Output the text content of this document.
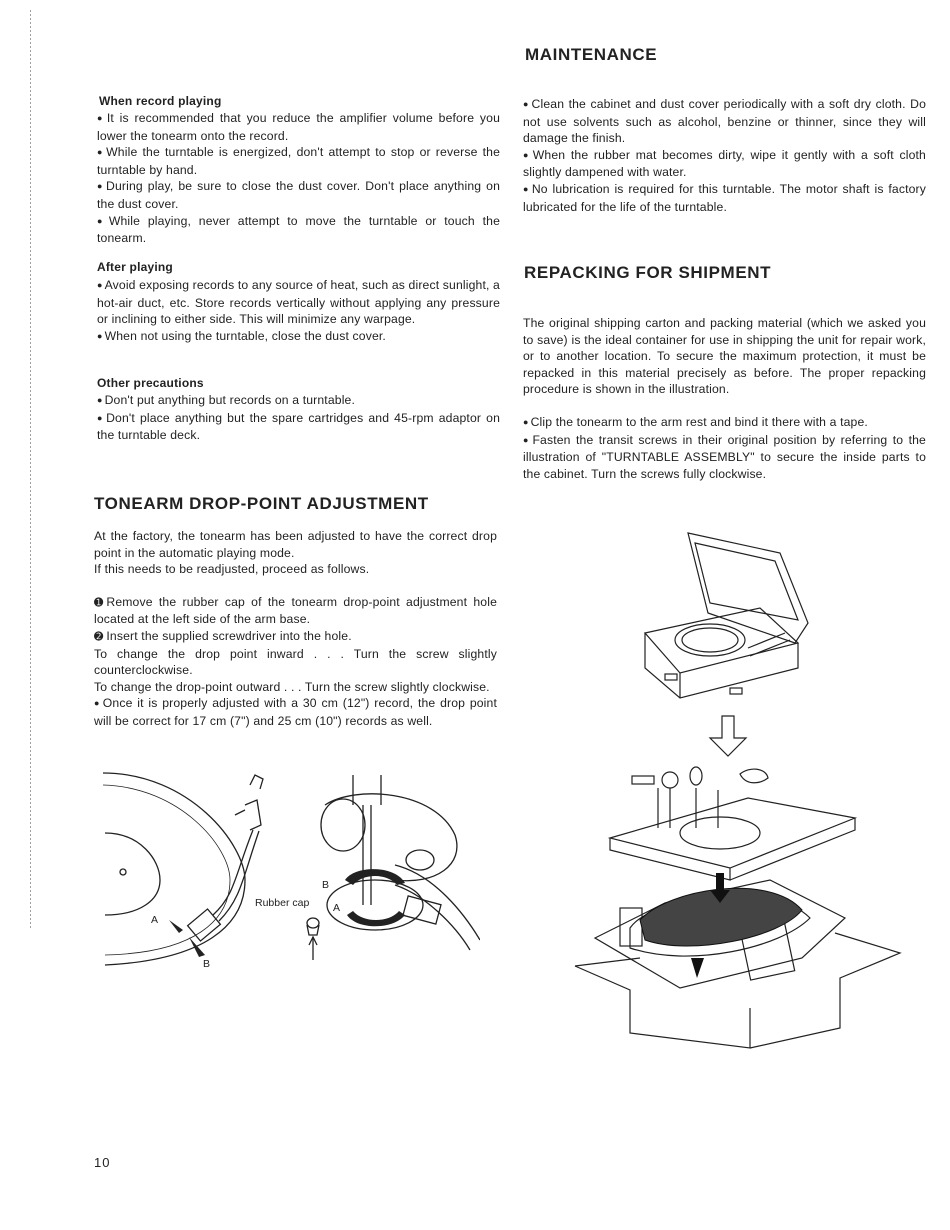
When record playing
● It is recommended that you reduce the amplifier volume before you lower the tonearm onto the record.
● While the turntable is energized, don't attempt to stop or reverse the turntable by hand.
● During play, be sure to close the dust cover. Don't place anything on the dust cover.
● While playing, never attempt to move the turntable or touch the tonearm.
After playing
● Avoid exposing records to any source of heat, such as direct sunlight, a hot-air duct, etc. Store records vertically without applying any pressure or inclining to either side. This will minimize any warpage.
● When not using the turntable, close the dust cover.
Other precautions
● Don't put anything but records on a turntable.
● Don't place anything but the spare cartridges and 45-rpm adaptor on the turntable deck.
TONEARM DROP-POINT ADJUSTMENT
At the factory, the tonearm has been adjusted to have the correct drop point in the automatic playing mode.
If this needs to be readjusted, proceed as follows.
➊ Remove the rubber cap of the tonearm drop-point adjustment hole located at the left side of the arm base.
➋ Insert the supplied screwdriver into the hole.
To change the drop point inward . . . Turn the screw slightly counterclockwise.
To change the drop-point outward . . . Turn the screw slightly clockwise.
● Once it is properly adjusted with a 30 cm (12") record, the drop point will be correct for 17 cm (7") and 25 cm (10") records as well.
A
B
B
A
Rubber cap
MAINTENANCE
● Clean the cabinet and dust cover periodically with a soft dry cloth. Do not use solvents such as alcohol, benzine or thinner, since they will damage the finish.
● When the rubber mat becomes dirty, wipe it gently with a soft cloth slightly dampened with water.
● No lubrication is required for this turntable. The motor shaft is factory lubricated for the life of the turntable.
REPACKING FOR SHIPMENT
The original shipping carton and packing material (which we asked you to save) is the ideal container for use in shipping the unit for repair work, or to another location. To secure the maximum protection, it must be repacked in this material precisely as before. The proper repacking procedure is shown in the illustration.
● Clip the tonearm to the arm rest and bind it there with a tape.
● Fasten the transit screws in their original position by referring to the illustration of "TURNTABLE ASSEMBLY" to secure the inside parts to the cabinet. Turn the screws fully clockwise.
10
